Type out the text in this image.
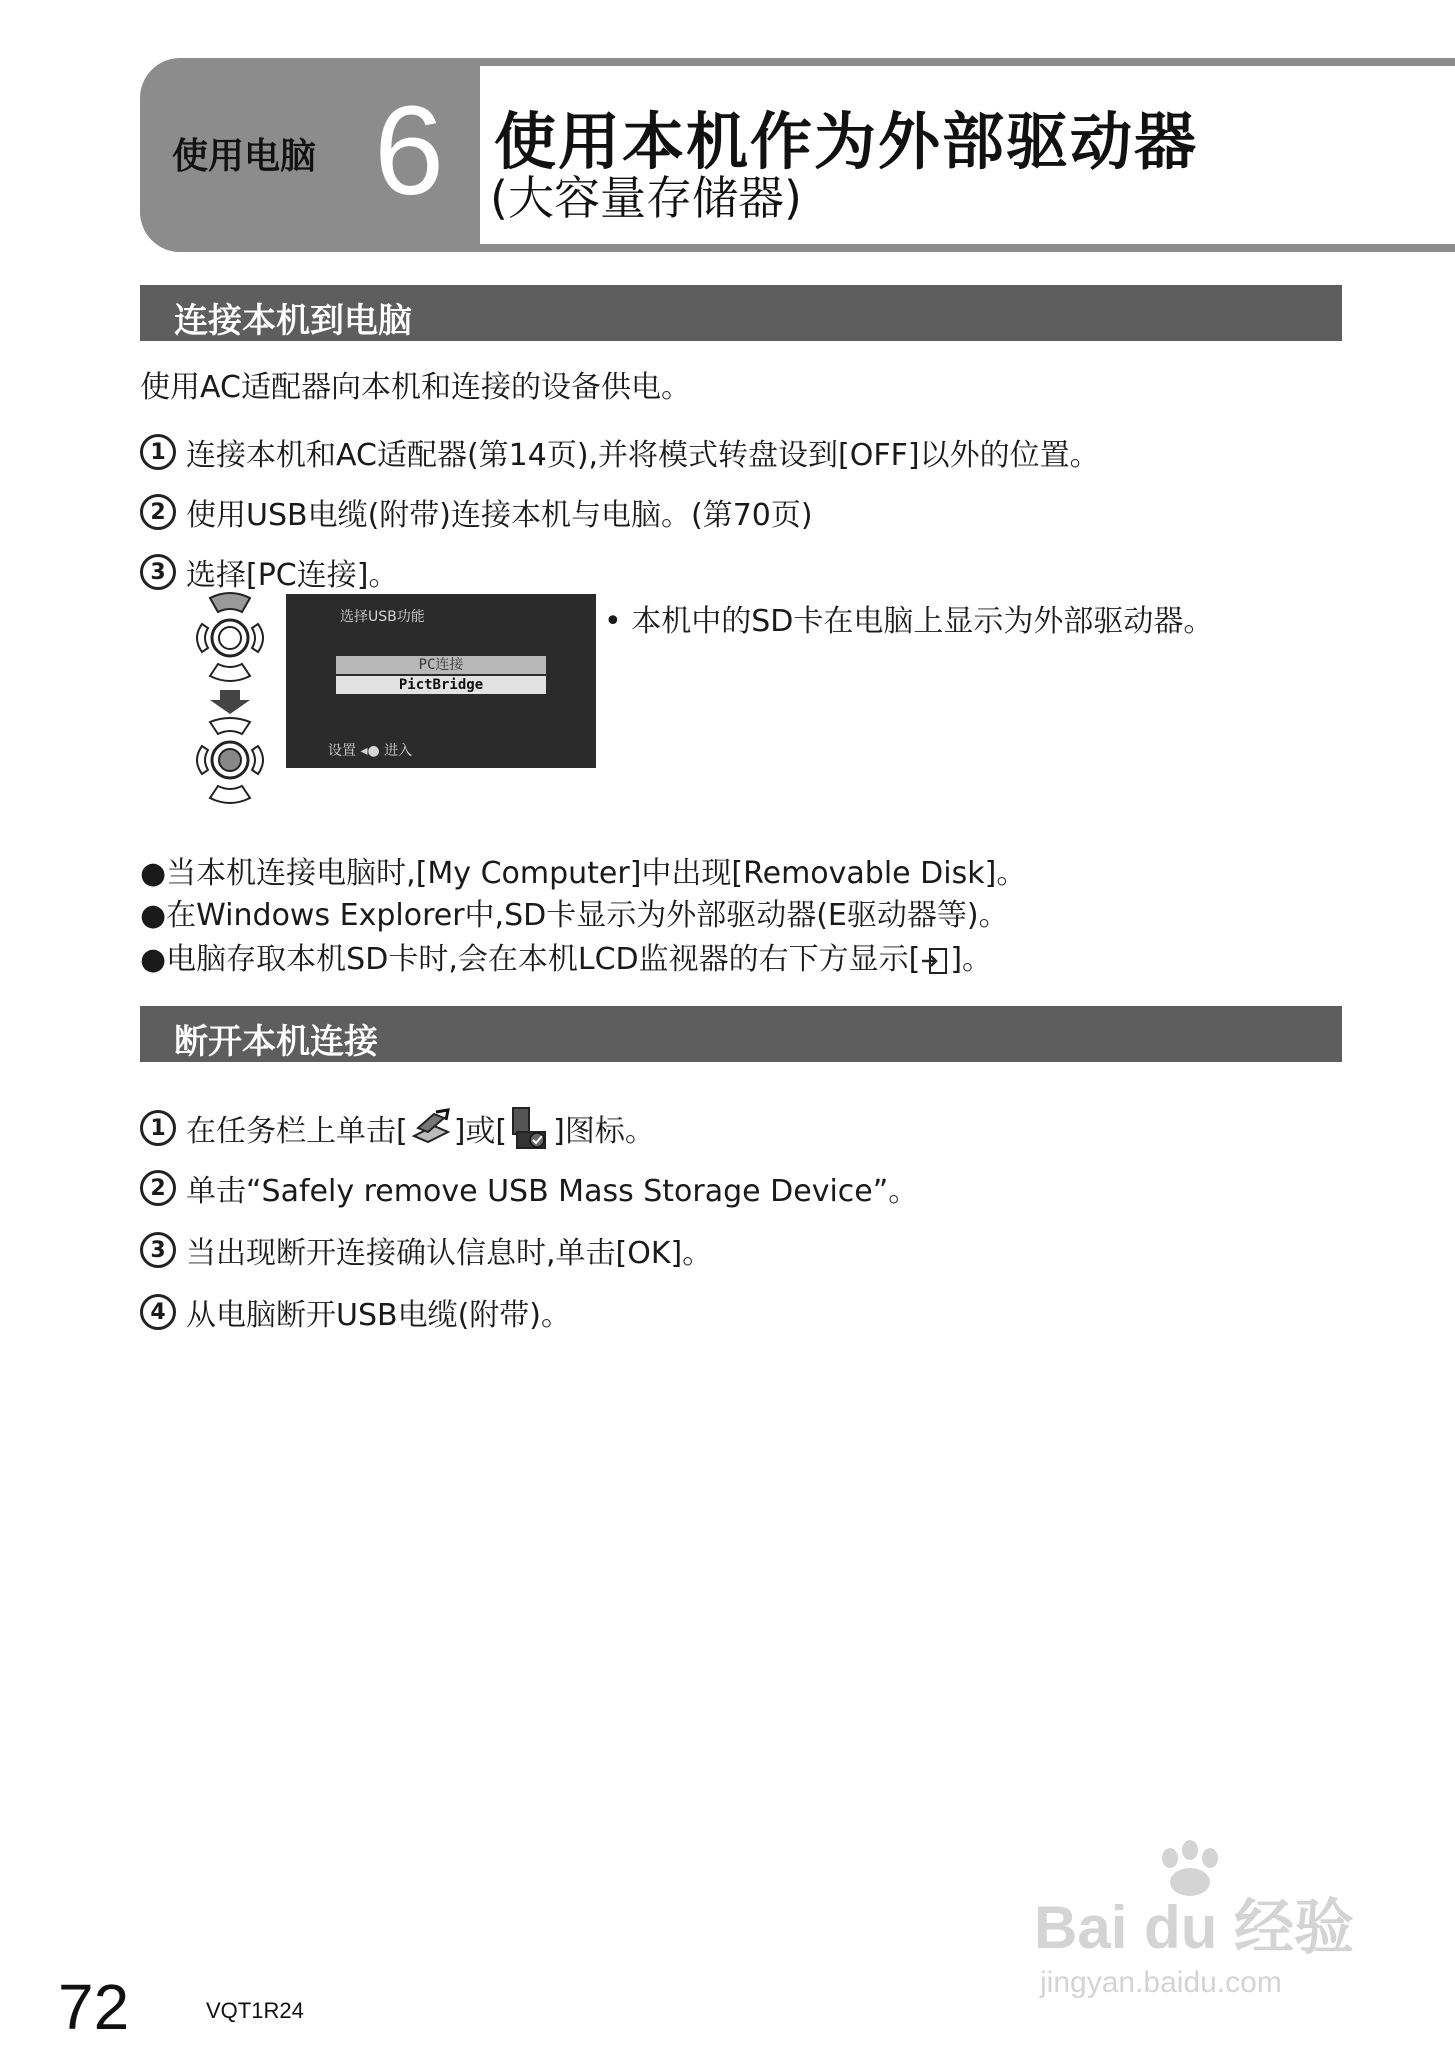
使用电脑 6 使用本机作为外部驱动器
(大容量存储器)
连接本机到电脑
使用AC适配器向本机和连接的设备供电。
1 连接本机和AC适配器(第14页),并将模式转盘设到[OFF]以外的位置。
2 使用USB电缆(附带)连接本机与电脑。(第70页)
3 选择[PC连接]。
选择USB功能
PC连接
PictBridge
设置 ◂● 进入
• 本机中的SD卡在电脑上显示为外部驱动器。
●当本机连接电脑时,[My Computer]中出现[Removable Disk]。
●在Windows Explorer中,SD卡显示为外部驱动器(E驱动器等)。
●电脑存取本机SD卡时,会在本机LCD监视器的右下方显示[ ]。
断开本机连接
1 在任务栏上单击[ ]或[ ]图标。
2 单击“Safely remove USB Mass Storage Device”。
3 当出现断开连接确认信息时,单击[OK]。
4 从电脑断开USB电缆(附带)。
Bai du 经验
jingyan.baidu.com
72	VQT1R24
